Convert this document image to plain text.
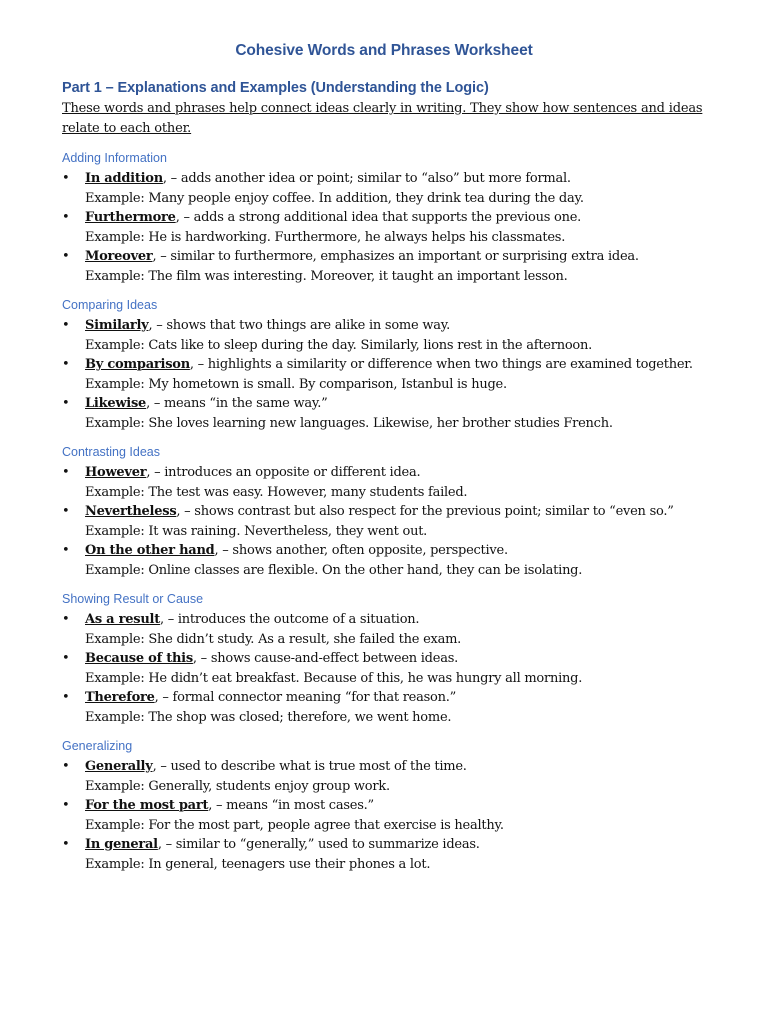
Cohesive Words and Phrases Worksheet
Part 1 – Explanations and Examples (Understanding the Logic)

These words and phrases help connect ideas clearly in writing. They show how sentences and ideas relate to each other.

Adding Information
• In addition, – adds another idea or point; similar to “also” but more formal.
Example: Many people enjoy coffee. In addition, they drink tea during the day.
• Furthermore, – adds a strong additional idea that supports the previous one.
Example: He is hardworking. Furthermore, he always helps his classmates.
• Moreover, – similar to furthermore, emphasizes an important or surprising extra idea.
Example: The film was interesting. Moreover, it taught an important lesson.
Comparing Ideas
• Similarly, – shows that two things are alike in some way.
Example: Cats like to sleep during the day. Similarly, lions rest in the afternoon.
• By comparison, – highlights a similarity or difference when two things are examined together.
Example: My hometown is small. By comparison, Istanbul is huge.
• Likewise, – means “in the same way.”
Example: She loves learning new languages. Likewise, her brother studies French.
Contrasting Ideas
• However, – introduces an opposite or different idea.
Example: The test was easy. However, many students failed.
• Nevertheless, – shows contrast but also respect for the previous point; similar to “even so.”
Example: It was raining. Nevertheless, they went out.
• On the other hand, – shows another, often opposite, perspective.
Example: Online classes are flexible. On the other hand, they can be isolating.
Showing Result or Cause
• As a result, – introduces the outcome of a situation.
Example: She didn’t study. As a result, she failed the exam.
• Because of this, – shows cause-and-effect between ideas.
Example: He didn’t eat breakfast. Because of this, he was hungry all morning.
• Therefore, – formal connector meaning “for that reason.”
Example: The shop was closed; therefore, we went home.
Generalizing
• Generally, – used to describe what is true most of the time.
Example: Generally, students enjoy group work.
• For the most part, – means “in most cases.”
Example: For the most part, people agree that exercise is healthy.
• In general, – similar to “generally,” used to summarize ideas.
Example: In general, teenagers use their phones a lot.
